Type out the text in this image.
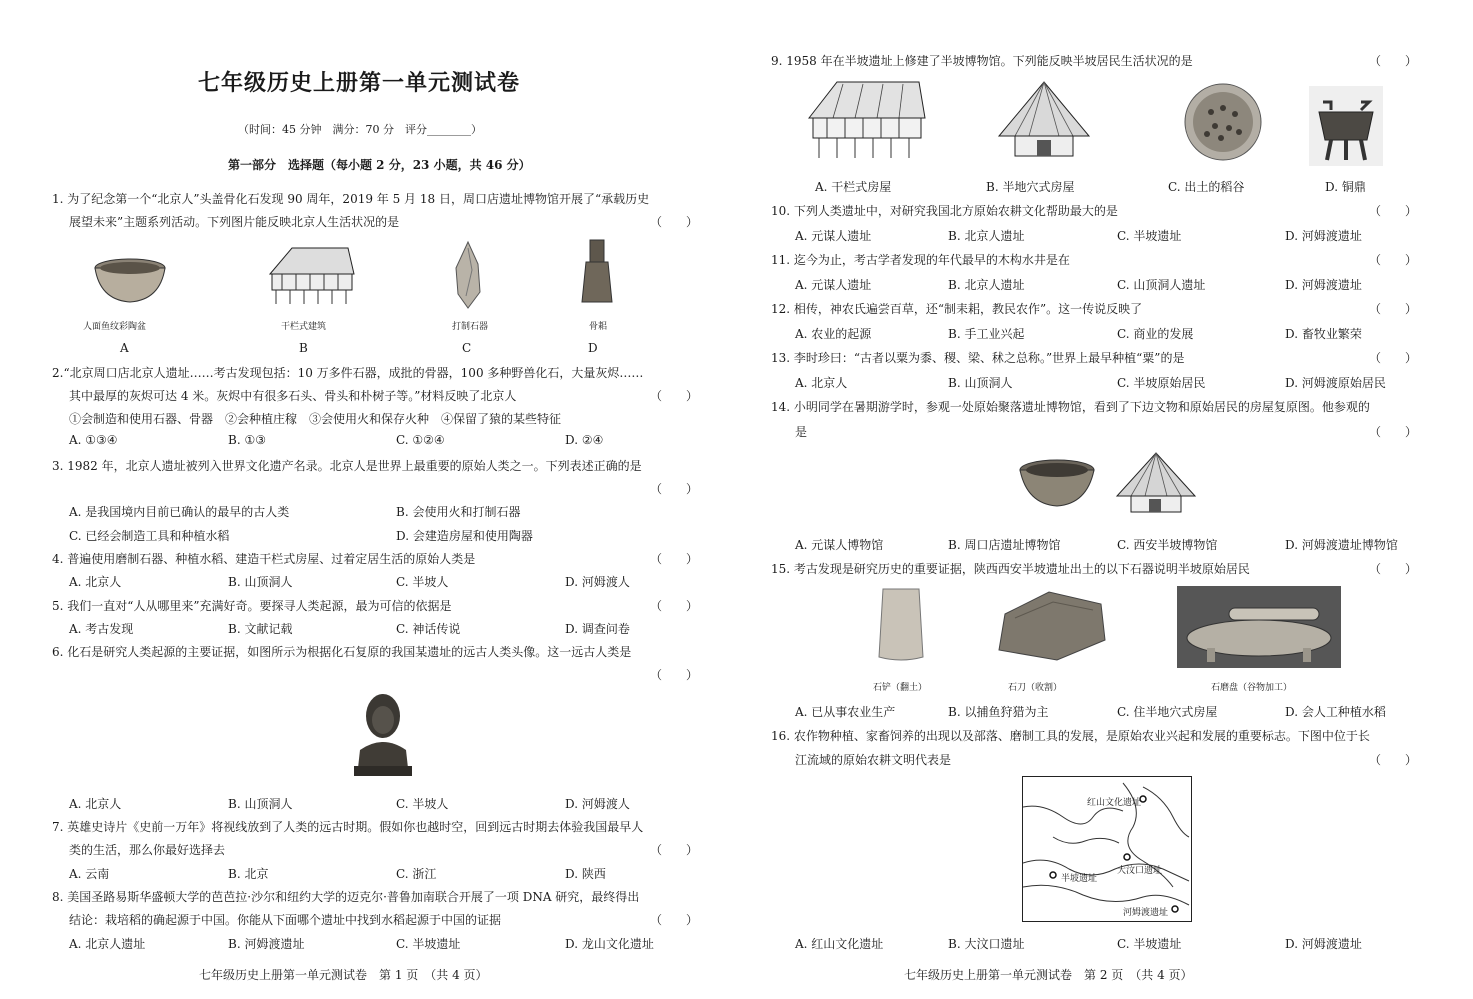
七年级历史上册第一单元测试卷
（时间：45 分钟　满分：70 分　评分________）
第一部分　选择题（每小题 2 分，23 小题，共 46 分）
1. 为了纪念第一个“北京人”头盖骨化石发现 90 周年，2019 年 5 月 18 日，周口店遗址博物馆开展了“承载历史
展望未来”主题系列活动。下列图片能反映北京人生活状况的是	（　　）
人面鱼纹彩陶盆	干栏式建筑	打制石器	骨耜
A	B	C	D
2.“北京周口店北京人遗址……考古发现包括：10 万多件石器，成批的骨器，100 多种野兽化石，大量灰烬……
其中最厚的灰烬可达 4 米。灰烬中有很多石头、骨头和朴树子等。”材料反映了北京人	（　　）
①会制造和使用石器、骨器　②会种植庄稼　③会使用火和保存火种　④保留了猿的某些特征
A. ①③④	B. ①③	C. ①②④	D. ②④
3. 1982 年，北京人遗址被列入世界文化遗产名录。北京人是世界上最重要的原始人类之一。下列表述正确的是
（　　）
A. 是我国境内目前已确认的最早的古人类	B. 会使用火和打制石器
C. 已经会制造工具和种植水稻	D. 会建造房屋和使用陶器
4. 普遍使用磨制石器、种植水稻、建造干栏式房屋、过着定居生活的原始人类是	（　　）
A. 北京人	B. 山顶洞人	C. 半坡人	D. 河姆渡人
5. 我们一直对“人从哪里来”充满好奇。要探寻人类起源，最为可信的依据是	（　　）
A. 考古发现	B. 文献记载	C. 神话传说	D. 调查问卷
6. 化石是研究人类起源的主要证据，如图所示为根据化石复原的我国某遗址的远古人类头像。这一远古人类是
（　　）
A. 北京人	B. 山顶洞人	C. 半坡人	D. 河姆渡人
7. 英雄史诗片《史前一万年》将视线放到了人类的远古时期。假如你也越时空，回到远古时期去体验我国最早人
类的生活，那么你最好选择去	（　　）
A. 云南	B. 北京	C. 浙江	D. 陕西
8. 美国圣路易斯华盛顿大学的芭芭拉·沙尔和纽约大学的迈克尔·普鲁加南联合开展了一项 DNA 研究，最终得出
结论：栽培稻的确起源于中国。你能从下面哪个遗址中找到水稻起源于中国的证据	（　　）
A. 北京人遗址	B. 河姆渡遗址	C. 半坡遗址	D. 龙山文化遗址
七年级历史上册第一单元测试卷　第 1 页　（共 4 页）
9. 1958 年在半坡遗址上修建了半坡博物馆。下列能反映半坡居民生活状况的是	（　　）
A. 干栏式房屋	B. 半地穴式房屋	C. 出土的稻谷	D. 铜鼎
10. 下列人类遗址中，对研究我国北方原始农耕文化帮助最大的是	（　　）
A. 元谋人遗址	B. 北京人遗址	C. 半坡遗址	D. 河姆渡遗址
11. 迄今为止，考古学者发现的年代最早的木构水井是在	（　　）
A. 元谋人遗址	B. 北京人遗址	C. 山顶洞人遗址	D. 河姆渡遗址
12. 相传，神农氏遍尝百草，还“制耒耜，教民农作”。这一传说反映了	（　　）
A. 农业的起源	B. 手工业兴起	C. 商业的发展	D. 畜牧业繁荣
13. 李时珍曰：“古者以粟为黍、稷、梁、秫之总称。”世界上最早种植“粟”的是	（　　）
A. 北京人	B. 山顶洞人	C. 半坡原始居民	D. 河姆渡原始居民
14. 小明同学在暑期游学时，参观一处原始聚落遗址博物馆，看到了下边文物和原始居民的房屋复原图。他参观的
是	（　　）
A. 元谋人博物馆	B. 周口店遗址博物馆	C. 西安半坡博物馆	D. 河姆渡遗址博物馆
15. 考古发现是研究历史的重要证据，陕西西安半坡遗址出土的以下石器说明半坡原始居民	（　　）
石铲（翻土）	石刀（收割）	石磨盘（谷物加工）
A. 已从事农业生产	B. 以捕鱼狩猎为主	C. 住半地穴式房屋	D. 会人工种植水稻
16. 农作物种植、家畜饲养的出现以及部落、磨制工具的发展，是原始农业兴起和发展的重要标志。下图中位于长
江流域的原始农耕文明代表是	（　　）
红山文化遗址
大汶口遗址
半坡遗址
河姆渡遗址
A. 红山文化遗址	B. 大汶口遗址	C. 半坡遗址	D. 河姆渡遗址
七年级历史上册第一单元测试卷　第 2 页　（共 4 页）
